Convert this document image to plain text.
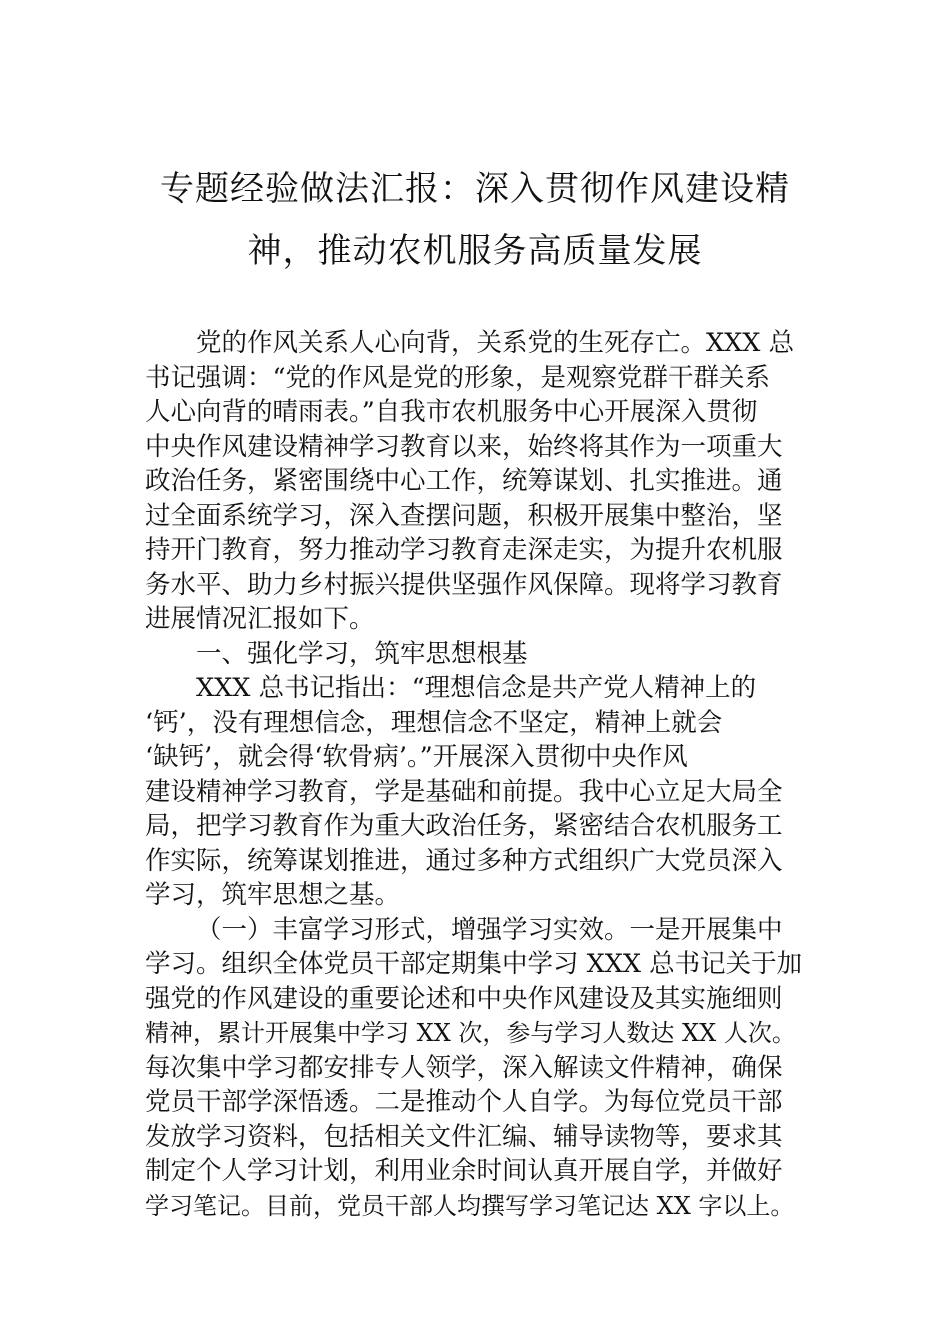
专题经验做法汇报：深入贯彻作风建设精
神，推动农机服务高质量发展
党的作风关系人心向背，关系党的生死存亡。XXX 总
书记强调：“党的作风是党的形象，是观察党群干群关系
人心向背的晴雨表。”自我市农机服务中心开展深入贯彻
中央作风建设精神学习教育以来，始终将其作为一项重大
政治任务，紧密围绕中心工作，统筹谋划、扎实推进。通
过全面系统学习，深入查摆问题，积极开展集中整治，坚
持开门教育，努力推动学习教育走深走实，为提升农机服
务水平、助力乡村振兴提供坚强作风保障。现将学习教育
进展情况汇报如下。
一、强化学习，筑牢思想根基
XXX 总书记指出：“理想信念是共产党人精神上的
‘钙’，没有理想信念，理想信念不坚定，精神上就会
‘缺钙’，就会得‘软骨病’。”开展深入贯彻中央作风
建设精神学习教育，学是基础和前提。我中心立足大局全
局，把学习教育作为重大政治任务，紧密结合农机服务工
作实际，统筹谋划推进，通过多种方式组织广大党员深入
学习，筑牢思想之基。
（一）丰富学习形式，增强学习实效。一是开展集中
学习。组织全体党员干部定期集中学习 XXX 总书记关于加
强党的作风建设的重要论述和中央作风建设及其实施细则
精神，累计开展集中学习 XX 次，参与学习人数达 XX 人次。
每次集中学习都安排专人领学，深入解读文件精神，确保
党员干部学深悟透。二是推动个人自学。为每位党员干部
发放学习资料，包括相关文件汇编、辅导读物等，要求其
制定个人学习计划，利用业余时间认真开展自学，并做好
学习笔记。目前，党员干部人均撰写学习笔记达 XX 字以上。
